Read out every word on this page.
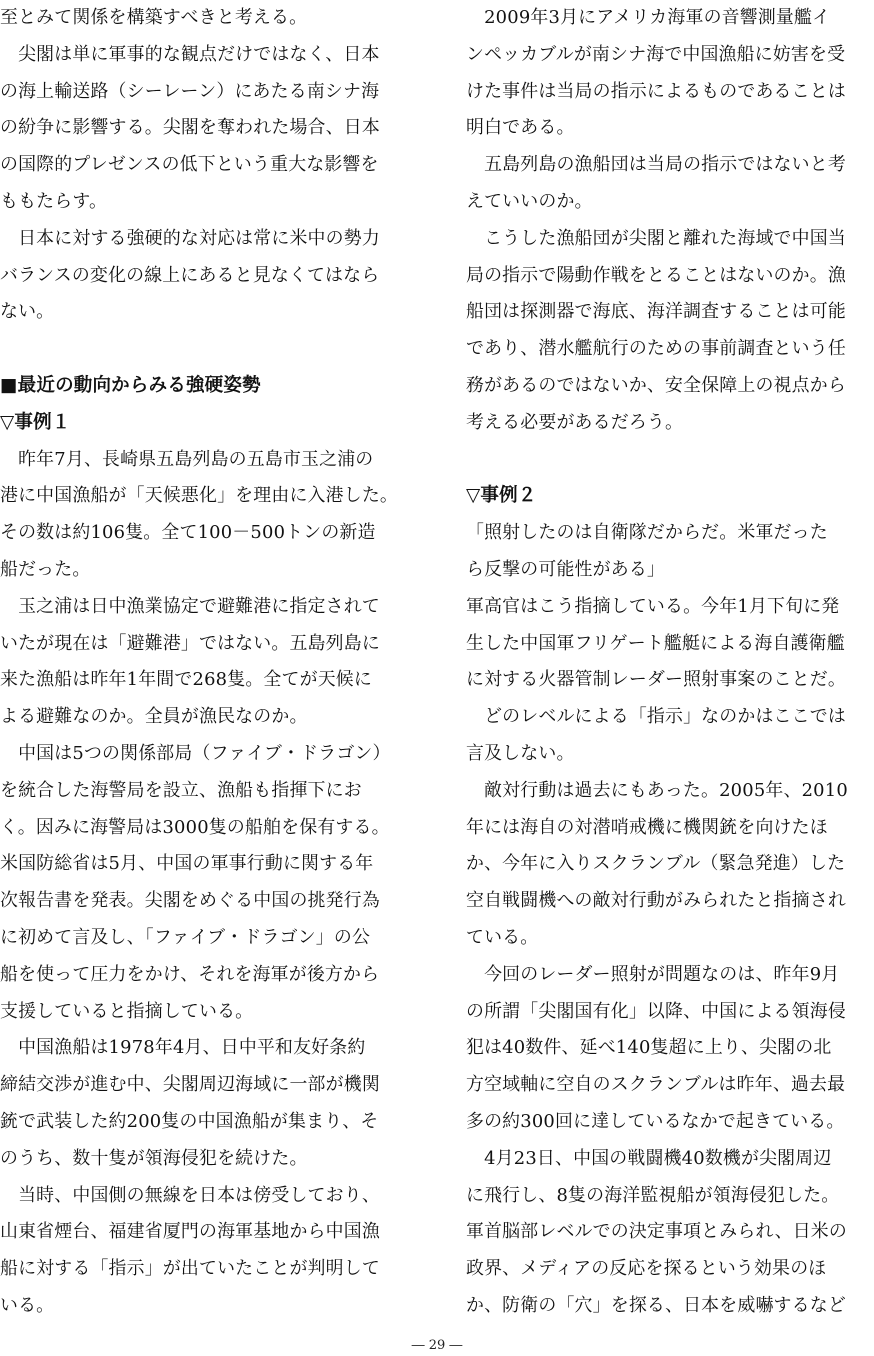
至とみて関係を構築すべきと考える。
　尖閣は単に軍事的な観点だけではなく、日本
の海上輸送路（シーレーン）にあたる南シナ海
の紛争に影響する。尖閣を奪われた場合、日本
の国際的プレゼンスの低下という重大な影響を
ももたらす。
　日本に対する強硬的な対応は常に米中の勢力
バランスの変化の線上にあると見なくてはなら
ない。
■最近の動向からみる強硬姿勢
▽事例１
　昨年7月、長崎県五島列島の五島市玉之浦の
港に中国漁船が「天候悪化」を理由に入港した。
その数は約106隻。全て100－500トンの新造
船だった。
　玉之浦は日中漁業協定で避難港に指定されて
いたが現在は「避難港」ではない。五島列島に
来た漁船は昨年1年間で268隻。全てが天候に
よる避難なのか。全員が漁民なのか。
　中国は5つの関係部局（ファイブ・ドラゴン）
を統合した海警局を設立、漁船も指揮下にお
く。因みに海警局は3000隻の船舶を保有する。
米国防総省は5月、中国の軍事行動に関する年
次報告書を発表。尖閣をめぐる中国の挑発行為
に初めて言及し、「ファイブ・ドラゴン」の公
船を使って圧力をかけ、それを海軍が後方から
支援していると指摘している。
　中国漁船は1978年4月、日中平和友好条約
締結交渉が進む中、尖閣周辺海域に一部が機関
銃で武装した約200隻の中国漁船が集まり、そ
のうち、数十隻が領海侵犯を続けた。
　当時、中国側の無線を日本は傍受しており、
山東省煙台、福建省厦門の海軍基地から中国漁
船に対する「指示」が出ていたことが判明して
いる。
　2009年3月にアメリカ海軍の音響測量艦イ
ンペッカブルが南シナ海で中国漁船に妨害を受
けた事件は当局の指示によるものであることは
明白である。
　五島列島の漁船団は当局の指示ではないと考
えていいのか。
　こうした漁船団が尖閣と離れた海域で中国当
局の指示で陽動作戦をとることはないのか。漁
船団は探測器で海底、海洋調査することは可能
であり、潜水艦航行のための事前調査という任
務があるのではないか、安全保障上の視点から
考える必要があるだろう。
▽事例２
「照射したのは自衛隊だからだ。米軍だった
ら反撃の可能性がある」
軍高官はこう指摘している。今年1月下旬に発
生した中国軍フリゲート艦艇による海自護衛艦
に対する火器管制レーダー照射事案のことだ。
　どのレベルによる「指示」なのかはここでは
言及しない。
　敵対行動は過去にもあった。2005年、2010
年には海自の対潜哨戒機に機関銃を向けたほ
か、今年に入りスクランブル（緊急発進）した
空自戦闘機への敵対行動がみられたと指摘され
ている。
　今回のレーダー照射が問題なのは、昨年9月
の所謂「尖閣国有化」以降、中国による領海侵
犯は40数件、延べ140隻超に上り、尖閣の北
方空域軸に空自のスクランブルは昨年、過去最
多の約300回に達しているなかで起きている。
　4月23日、中国の戦闘機40数機が尖閣周辺
に飛行し、8隻の海洋監視船が領海侵犯した。
軍首脳部レベルでの決定事項とみられ、日米の
政界、メディアの反応を探るという効果のほ
か、防衛の「穴」を探る、日本を威嚇するなど
― 29 ―
